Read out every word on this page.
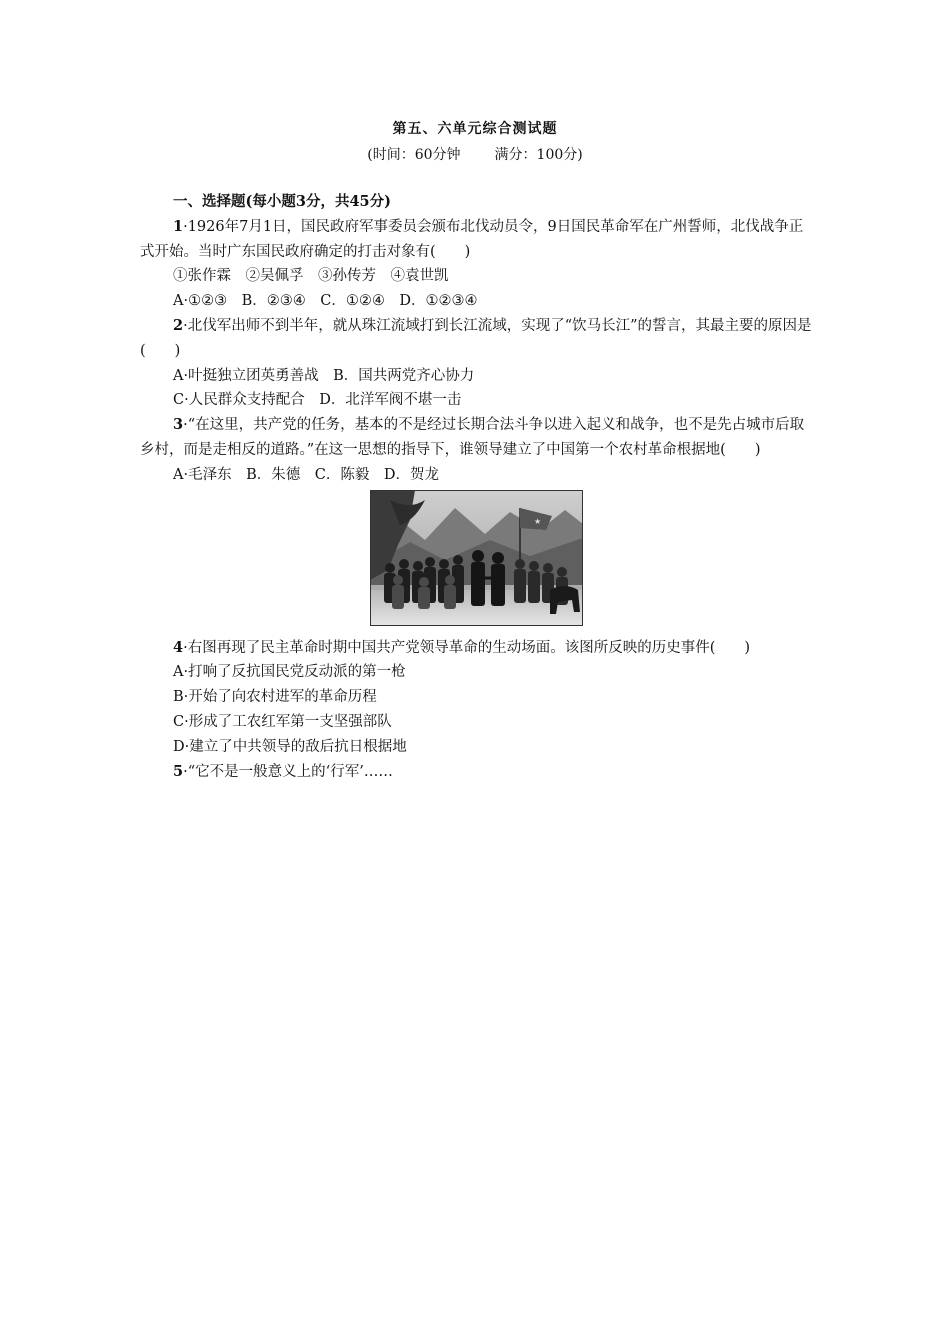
第五、六单元综合测试题
(时间：60分钟 满分：100分)

一、选择题(每小题3分，共45分)

1·1926年7月1日，国民政府军事委员会颁布北伐动员令，9日国民革命军在广州誓师，北伐战争正式开始。当时广东国民政府确定的打击对象有(　　)

①张作霖　②吴佩孚　③孙传芳　④袁世凯

A·①②③　B．②③④　C．①②④　D．①②③④

2·北伐军出师不到半年，就从珠江流域打到长江流域，实现了“饮马长江”的誓言，其最主要的原因是(　　)

A·叶挺独立团英勇善战　B．国共两党齐心协力

C·人民群众支持配合　D．北洋军阀不堪一击

3·“在这里，共产党的任务，基本的不是经过长期合法斗争以进入起义和战争，也不是先占城市后取乡村，而是走相反的道路。”在这一思想的指导下，谁领导建立了中国第一个农村革命根据地(　　)

A·毛泽东　B．朱德　C．陈毅　D．贺龙

★

4·右图再现了民主革命时期中国共产党领导革命的生动场面。该图所反映的历史事件(　　)

A·打响了反抗国民党反动派的第一枪

B·开始了向农村进军的革命历程

C·形成了工农红军第一支坚强部队

D·建立了中共领导的敌后抗日根据地

5·“它不是一般意义上的‘行军’……
